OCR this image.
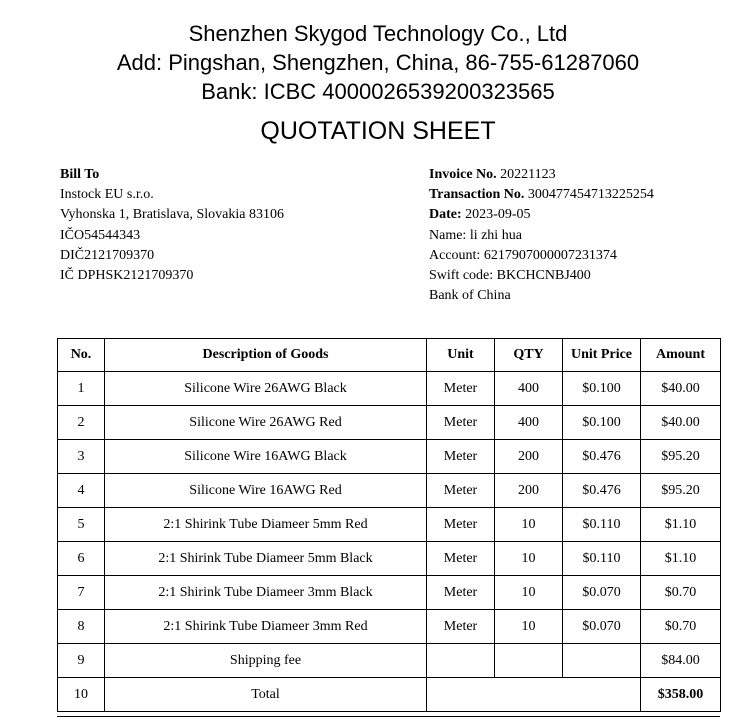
Shenzhen Skygod Technology Co., Ltd
Add: Pingshan, Shengzhen, China, 86-755-61287060
Bank: ICBC 4000026539200323565
QUOTATION SHEET
Bill To
Instock EU s.r.o.
Vyhonska 1, Bratislava, Slovakia 83106
IČO54544343
DIČ2121709370
IČ DPHSK2121709370
Invoice No. 20221123
Transaction No. 300477454713225254
Date: 2023-09-05
Name: li zhi hua
Account: 6217907000007231374
Swift code: BKCHCNBJ400
Bank of China
No.	Description of Goods	Unit	QTY	Unit Price	Amount
1	Silicone Wire 26AWG Black	Meter	400	$0.100	$40.00
2	Silicone Wire 26AWG Red	Meter	400	$0.100	$40.00
3	Silicone Wire 16AWG Black	Meter	200	$0.476	$95.20
4	Silicone Wire 16AWG Red	Meter	200	$0.476	$95.20
5	2:1 Shirink Tube Diameer 5mm Red	Meter	10	$0.110	$1.10
6	2:1 Shirink Tube Diameer 5mm Black	Meter	10	$0.110	$1.10
7	2:1 Shirink Tube Diameer 3mm Black	Meter	10	$0.070	$0.70
8	2:1 Shirink Tube Diameer 3mm Red	Meter	10	$0.070	$0.70
9	Shipping fee				$84.00
10	Total				$358.00
